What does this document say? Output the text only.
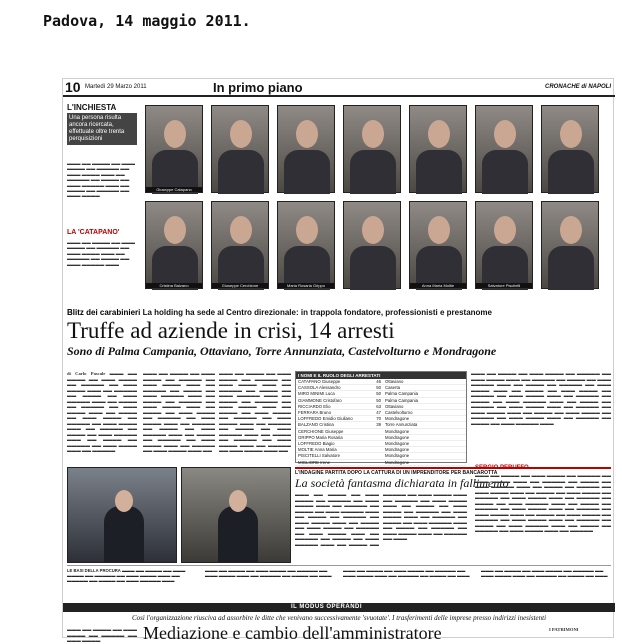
Padova, 14 maggio 2011.
10 Martedì 29 Marzo 2011	In primo piano	CRONACHE di NAPOLI
L'INCHIESTA
Una persona risulta ancora ricercata, effettuate oltre trenta perquisizioni
▬▬▬ ▬▬ ▬▬▬▬ ▬▬ ▬▬▬ ▬▬▬▬ ▬▬ ▬▬▬▬▬ ▬▬ ▬▬▬ ▬▬▬▬ ▬▬▬ ▬▬ ▬▬▬▬▬ ▬▬ ▬▬▬▬ ▬▬ ▬▬▬ ▬▬▬▬▬ ▬▬▬ ▬▬ ▬▬▬▬ ▬▬ ▬▬▬▬▬ ▬▬ ▬▬▬ ▬▬▬▬
LA 'CATAPANO'
▬▬▬ ▬▬ ▬▬▬▬ ▬▬ ▬▬▬ ▬▬▬▬ ▬▬ ▬▬▬▬▬ ▬▬ ▬▬▬ ▬▬▬▬ ▬▬▬ ▬▬ ▬▬▬▬▬ ▬▬ ▬▬▬▬ ▬▬ ▬▬▬ ▬▬▬▬▬ ▬▬▬
Giuseppe Catapano
Cristina Balzano	Giuseppe Cerchione	Maria Rosaria Grippo	Anna Maria Moltie	Salvatore Piscitelli
Blitz dei carabinieri La holding ha sede al Centro direzionale: in trappola fondatore, professionisti e prestanome
Truffe ad aziende in crisi, 14 arresti
Sono di Palma Campania, Ottaviano, Torre Annunziata, Castelvolturno e Mondragone
di Carlo Pascale ▬▬▬ ▬▬ ▬▬▬▬ ▬▬ ▬▬▬ ▬▬▬▬ ▬▬ ▬▬▬▬▬ ▬▬ ▬▬▬ ▬▬▬▬ ▬▬▬ ▬▬ ▬▬▬▬▬ ▬▬ ▬▬▬▬ ▬▬ ▬▬▬ ▬▬▬▬▬ ▬▬▬ ▬▬ ▬▬▬▬ ▬▬ ▬▬▬▬▬ ▬▬ ▬▬▬ ▬▬▬▬ ▬▬▬ ▬▬ ▬▬▬▬ ▬▬ ▬▬▬ ▬▬▬▬ ▬▬ ▬▬▬▬▬ ▬▬ ▬▬▬ ▬▬▬▬ ▬▬▬ ▬▬ ▬▬▬▬▬ ▬▬ ▬▬▬▬ ▬▬ ▬▬▬ ▬▬▬▬▬ ▬▬▬ ▬▬ ▬▬▬▬ ▬▬ ▬▬▬▬▬ ▬▬ ▬▬▬ ▬▬▬▬ ▬▬▬ ▬▬ ▬▬▬▬▬
▬▬▬ ▬▬ ▬▬▬▬ ▬▬ ▬▬▬ ▬▬▬▬ ▬▬ ▬▬▬▬▬ ▬▬ ▬▬▬ ▬▬▬▬ ▬▬▬ ▬▬ ▬▬▬▬▬ ▬▬ ▬▬▬▬ ▬▬ ▬▬▬ ▬▬▬▬▬ ▬▬▬ ▬▬ ▬▬▬▬ ▬▬ ▬▬▬▬▬ ▬▬ ▬▬▬ ▬▬▬▬ ▬▬▬ ▬▬ ▬▬▬▬ ▬▬ ▬▬▬ ▬▬▬▬ ▬▬ ▬▬▬▬▬ ▬▬ ▬▬▬ ▬▬▬▬ ▬▬▬ ▬▬ ▬▬▬▬▬ ▬▬ ▬▬▬▬ ▬▬ ▬▬▬ ▬▬▬▬▬ ▬▬▬ ▬▬ ▬▬▬▬ ▬▬ ▬▬▬▬▬ ▬▬ ▬▬▬ ▬▬▬▬ ▬▬▬ ▬▬ ▬▬▬▬▬ ▬▬ ▬▬▬ ▬▬▬▬ ▬▬▬ ▬▬
▬▬▬ ▬▬ ▬▬▬▬ ▬▬ ▬▬▬ ▬▬▬▬ ▬▬ ▬▬▬▬▬ ▬▬ ▬▬▬ ▬▬▬▬ ▬▬▬ ▬▬ ▬▬▬▬▬ ▬▬ ▬▬▬▬ ▬▬ ▬▬▬ ▬▬▬▬▬ ▬▬▬ ▬▬ ▬▬▬▬ ▬▬ ▬▬▬▬▬ ▬▬ ▬▬▬ ▬▬▬▬ ▬▬▬ ▬▬ ▬▬▬▬ ▬▬ ▬▬▬ ▬▬▬▬ ▬▬ ▬▬▬▬▬ ▬▬ ▬▬▬ ▬▬▬▬ ▬▬▬ ▬▬ ▬▬▬▬▬ ▬▬ ▬▬▬▬ ▬▬ ▬▬▬ ▬▬▬▬▬ ▬▬▬ ▬▬ ▬▬▬▬ ▬▬ ▬▬▬▬▬ ▬▬ ▬▬▬ ▬▬▬▬ ▬▬▬ ▬▬ ▬▬▬▬▬ ▬▬ ▬▬▬ ▬▬▬▬ ▬▬▬ ▬▬
I NOMI E IL RUOLO DEGLI ARRESTATI
CATAPANO Giuseppe	46 Ottaviano
CASSOLA Alessandro	50 Caserta
MIRO MINIMI Luca	50 Palma Campania
GIAMMONE Cristofaro	50 Palma Campania
RICCIARDO Elio	63 Ottaviano
FERRARA Bruno	47 Castelvolturno
LOFFREDO Emidio Giuliano	70 Mondragone
BALZANO Cristina	39 Torre Annunziata
CERCHIONE Giuseppe	Mondragone
GRIPPO Maria Rosaria	Mondragone
LOFFREDO Biagio	Mondragone
MOLTIE Anna Maria	Mondragone
PISCITELLI Salvatore	Mondragone
MIGLIORE Irene	Mondragone
▬▬▬ ▬▬ ▬▬▬▬ ▬▬ ▬▬▬ ▬▬▬▬ ▬▬ ▬▬▬▬▬ ▬▬ ▬▬▬ ▬▬▬▬ ▬▬▬ ▬▬ ▬▬▬▬▬ ▬▬ ▬▬▬▬ ▬▬ ▬▬▬ ▬▬▬▬▬ ▬▬▬ ▬▬ ▬▬▬▬ ▬▬ ▬▬▬▬▬ ▬▬ ▬▬▬ ▬▬▬▬ ▬▬▬ ▬▬ ▬▬▬▬ ▬▬ ▬▬▬ ▬▬▬▬ ▬▬ ▬▬▬▬▬ ▬▬ ▬▬▬ ▬▬▬▬ ▬▬▬ ▬▬ ▬▬▬▬▬ ▬▬ ▬▬▬▬ ▬▬ ▬▬▬ ▬▬▬▬▬ ▬▬▬ ▬▬ ▬▬▬▬ ▬▬ ▬▬▬▬▬ ▬▬ ▬▬▬ ▬▬▬▬ ▬▬▬ ▬▬ ▬▬▬▬▬ ▬▬ ▬▬▬ ▬▬▬▬ ▬▬▬ ▬▬ ▬▬▬▬ ▬▬ ▬▬▬ ▬▬▬▬ ▬▬ ▬▬▬▬▬ ▬▬ ▬▬▬ ▬▬▬▬ ▬▬▬ ▬▬ ▬▬▬▬▬ ▬▬ ▬▬▬▬ ▬▬ ▬▬▬ ▬▬▬▬▬ ▬▬▬
L'INDAGINE PARTITA DOPO LA CATTURA DI UN IMPRENDITORE PER BANCAROTTA
La società fantasma dichiarata in fallimento
▬▬▬ ▬▬ ▬▬▬▬ ▬▬ ▬▬▬ ▬▬▬▬ ▬▬ ▬▬▬▬▬ ▬▬ ▬▬▬ ▬▬▬▬ ▬▬▬ ▬▬ ▬▬▬▬▬ ▬▬ ▬▬▬▬ ▬▬ ▬▬▬ ▬▬▬▬▬ ▬▬▬ ▬▬ ▬▬▬▬ ▬▬ ▬▬▬▬▬ ▬▬ ▬▬▬ ▬▬▬▬ ▬▬▬ ▬▬ ▬▬▬▬ ▬▬ ▬▬▬ ▬▬▬▬ ▬▬ ▬▬▬▬▬ ▬▬ ▬▬▬ ▬▬▬▬ ▬▬▬ ▬▬ ▬▬▬▬▬ ▬▬ ▬▬▬▬ ▬▬ ▬▬▬ ▬▬▬▬▬ ▬▬▬ ▬▬ ▬▬▬▬ ▬▬ ▬▬▬▬▬ ▬▬ ▬▬▬ ▬▬▬▬ ▬▬▬ ▬▬ ▬▬▬▬▬ ▬▬ ▬▬▬ ▬▬▬▬ ▬▬▬ ▬▬ ▬▬▬▬ ▬▬ ▬▬▬ ▬▬▬▬ ▬▬ ▬▬▬▬▬ ▬▬ ▬▬▬ ▬▬▬▬ ▬▬▬ ▬▬ ▬▬▬▬▬ ▬▬ ▬▬▬▬ ▬▬ ▬▬▬ ▬▬▬▬▬ ▬▬▬ ▬▬ ▬▬▬▬ ▬▬ ▬▬▬▬▬ ▬▬ ▬▬▬ ▬▬▬▬ ▬▬▬ ▬▬ ▬▬▬▬▬ ▬▬ ▬▬▬
SERGIO PERUFFO
▬▬▬ ▬▬ ▬▬▬▬ ▬▬ ▬▬▬ ▬▬▬▬ ▬▬ ▬▬▬▬▬ ▬▬ ▬▬▬ ▬▬▬▬ ▬▬▬ ▬▬ ▬▬▬▬▬ ▬▬ ▬▬▬▬ ▬▬ ▬▬▬ ▬▬▬▬▬ ▬▬▬ ▬▬ ▬▬▬▬ ▬▬ ▬▬▬▬▬ ▬▬ ▬▬▬ ▬▬▬▬ ▬▬▬ ▬▬ ▬▬▬▬ ▬▬ ▬▬▬ ▬▬▬▬ ▬▬ ▬▬▬▬▬ ▬▬ ▬▬▬ ▬▬▬▬ ▬▬▬ ▬▬ ▬▬▬▬▬ ▬▬ ▬▬▬▬ ▬▬ ▬▬▬ ▬▬▬▬▬ ▬▬▬ ▬▬ ▬▬▬▬ ▬▬ ▬▬▬▬▬ ▬▬ ▬▬▬ ▬▬▬▬ ▬▬▬ ▬▬ ▬▬▬▬▬ ▬▬ ▬▬▬ ▬▬▬▬ ▬▬▬ ▬▬ ▬▬▬▬ ▬▬ ▬▬▬ ▬▬▬▬ ▬▬ ▬▬▬▬▬ ▬▬ ▬▬▬ ▬▬▬▬ ▬▬▬ ▬▬ ▬▬▬▬▬ ▬▬ ▬▬▬▬ ▬▬ ▬▬▬ ▬▬▬▬▬ ▬▬▬ ▬▬ ▬▬▬▬ ▬▬ ▬▬▬▬▬ ▬▬ ▬▬▬ ▬▬▬▬ ▬▬▬ ▬▬ ▬▬▬▬▬
LE BASI DELLA PROCURA ▬▬▬ ▬▬ ▬▬▬▬ ▬▬ ▬▬▬ ▬▬▬▬ ▬▬ ▬▬▬▬▬ ▬▬ ▬▬▬ ▬▬▬▬ ▬▬▬ ▬▬ ▬▬▬▬▬ ▬▬ ▬▬▬▬ ▬▬ ▬▬▬ ▬▬▬▬▬ ▬▬▬
▬▬▬ ▬▬ ▬▬▬▬ ▬▬ ▬▬▬ ▬▬▬▬ ▬▬ ▬▬▬▬▬ ▬▬ ▬▬▬ ▬▬▬▬ ▬▬▬ ▬▬ ▬▬▬▬▬ ▬▬ ▬▬▬▬ ▬▬ ▬▬▬
▬▬▬ ▬▬ ▬▬▬▬ ▬▬ ▬▬▬ ▬▬▬▬ ▬▬ ▬▬▬▬▬ ▬▬ ▬▬▬ ▬▬▬▬ ▬▬▬ ▬▬ ▬▬▬▬▬ ▬▬ ▬▬▬▬ ▬▬ ▬▬▬
▬▬▬ ▬▬ ▬▬▬▬ ▬▬ ▬▬▬ ▬▬▬▬ ▬▬ ▬▬▬▬▬ ▬▬ ▬▬▬ ▬▬▬▬ ▬▬▬ ▬▬ ▬▬▬▬▬ ▬▬ ▬▬▬▬ ▬▬ ▬▬▬
IL MODUS OPERANDI
Così l'organizzazione riusciva ad assorbire le ditte che venivano successivamente 'svuotate'. I trasferimenti delle imprese presso indirizzi inesistenti
Mediazione e cambio dell'amministratore
▬▬▬ ▬▬ ▬▬▬▬ ▬▬ ▬▬▬ ▬▬▬▬ ▬▬ ▬▬▬▬▬ ▬▬ ▬▬▬ ▬▬▬▬
I PATRIMONI
